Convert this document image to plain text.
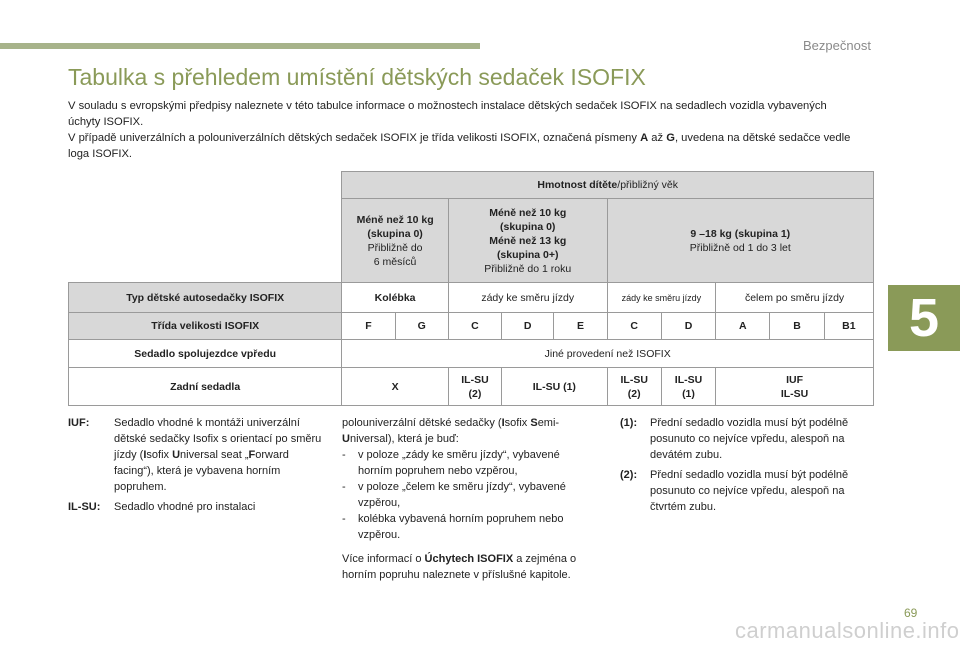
Bezpečnost
5
Tabulka s přehledem umístění dětských sedaček ISOFIX

V souladu s evropskými předpisy naleznete v této tabulce informace o možnostech instalace dětských sedaček ISOFIX na sedadlech vozidla vybavených úchyty ISOFIX.

V případě univerzálních a polouniverzálních dětských sedaček ISOFIX je třída velikosti ISOFIX, označená písmeny A až G, uvedena na dětské sedačce vedle loga ISOFIX.

	Hmotnost dítěte/přibližný věk									
	Méně než 10 kg
(skupina 0)
Přibližně do
6 měsíců		Méně než 10 kg
(skupina 0)
Méně než 13 kg
(skupina 0+)
Přibližně do 1 roku			9 –18 kg (skupina 1)
Přibližně od 1 do 3 let				
Typ dětské autosedačky ISOFIX	Kolébka		zády ke směru jízdy			zády ke směru jízdy		čelem po směru jízdy		
Třída velikosti ISOFIX	F	G	C	D	E	C	D	A	B	B1
Sedadlo spolujezdce vpředu	Jiné provedení než ISOFIX									
Zadní sedadla	X		IL-SU
(2)	IL-SU (1)		IL-SU
(2)	IL-SU
(1)	IUF
IL-SU		
IUF:	Sedadlo vhodné k montáži univerzální dětské sedačky Isofix s orientací po směru jízdy (Isofix Universal seat „Forward facing“), která je vybavena horním popruhem.
IL-SU:	Sedadlo vhodné pro instalaci

polouniverzální dětské sedačky (Isofix Semi-Universal), která je buď:

-	v poloze „zády ke směru jízdy“, vybavené horním popruhem nebo vzpěrou,
-	v poloze „čelem ke směru jízdy“, vybavené vzpěrou,
-	kolébka vybavená horním popruhem nebo vzpěrou.

Více informací o Úchytech ISOFIX a zejména o horním popruhu naleznete v příslušné kapitole.

(1):	Přední sedadlo vozidla musí být podélně posunuto co nejvíce vpředu, alespoň na devátém zubu.
(2):	Přední sedadlo vozidla musí být podélně posunuto co nejvíce vpředu, alespoň na čtvrtém zubu.
69
carmanualsonline.info
